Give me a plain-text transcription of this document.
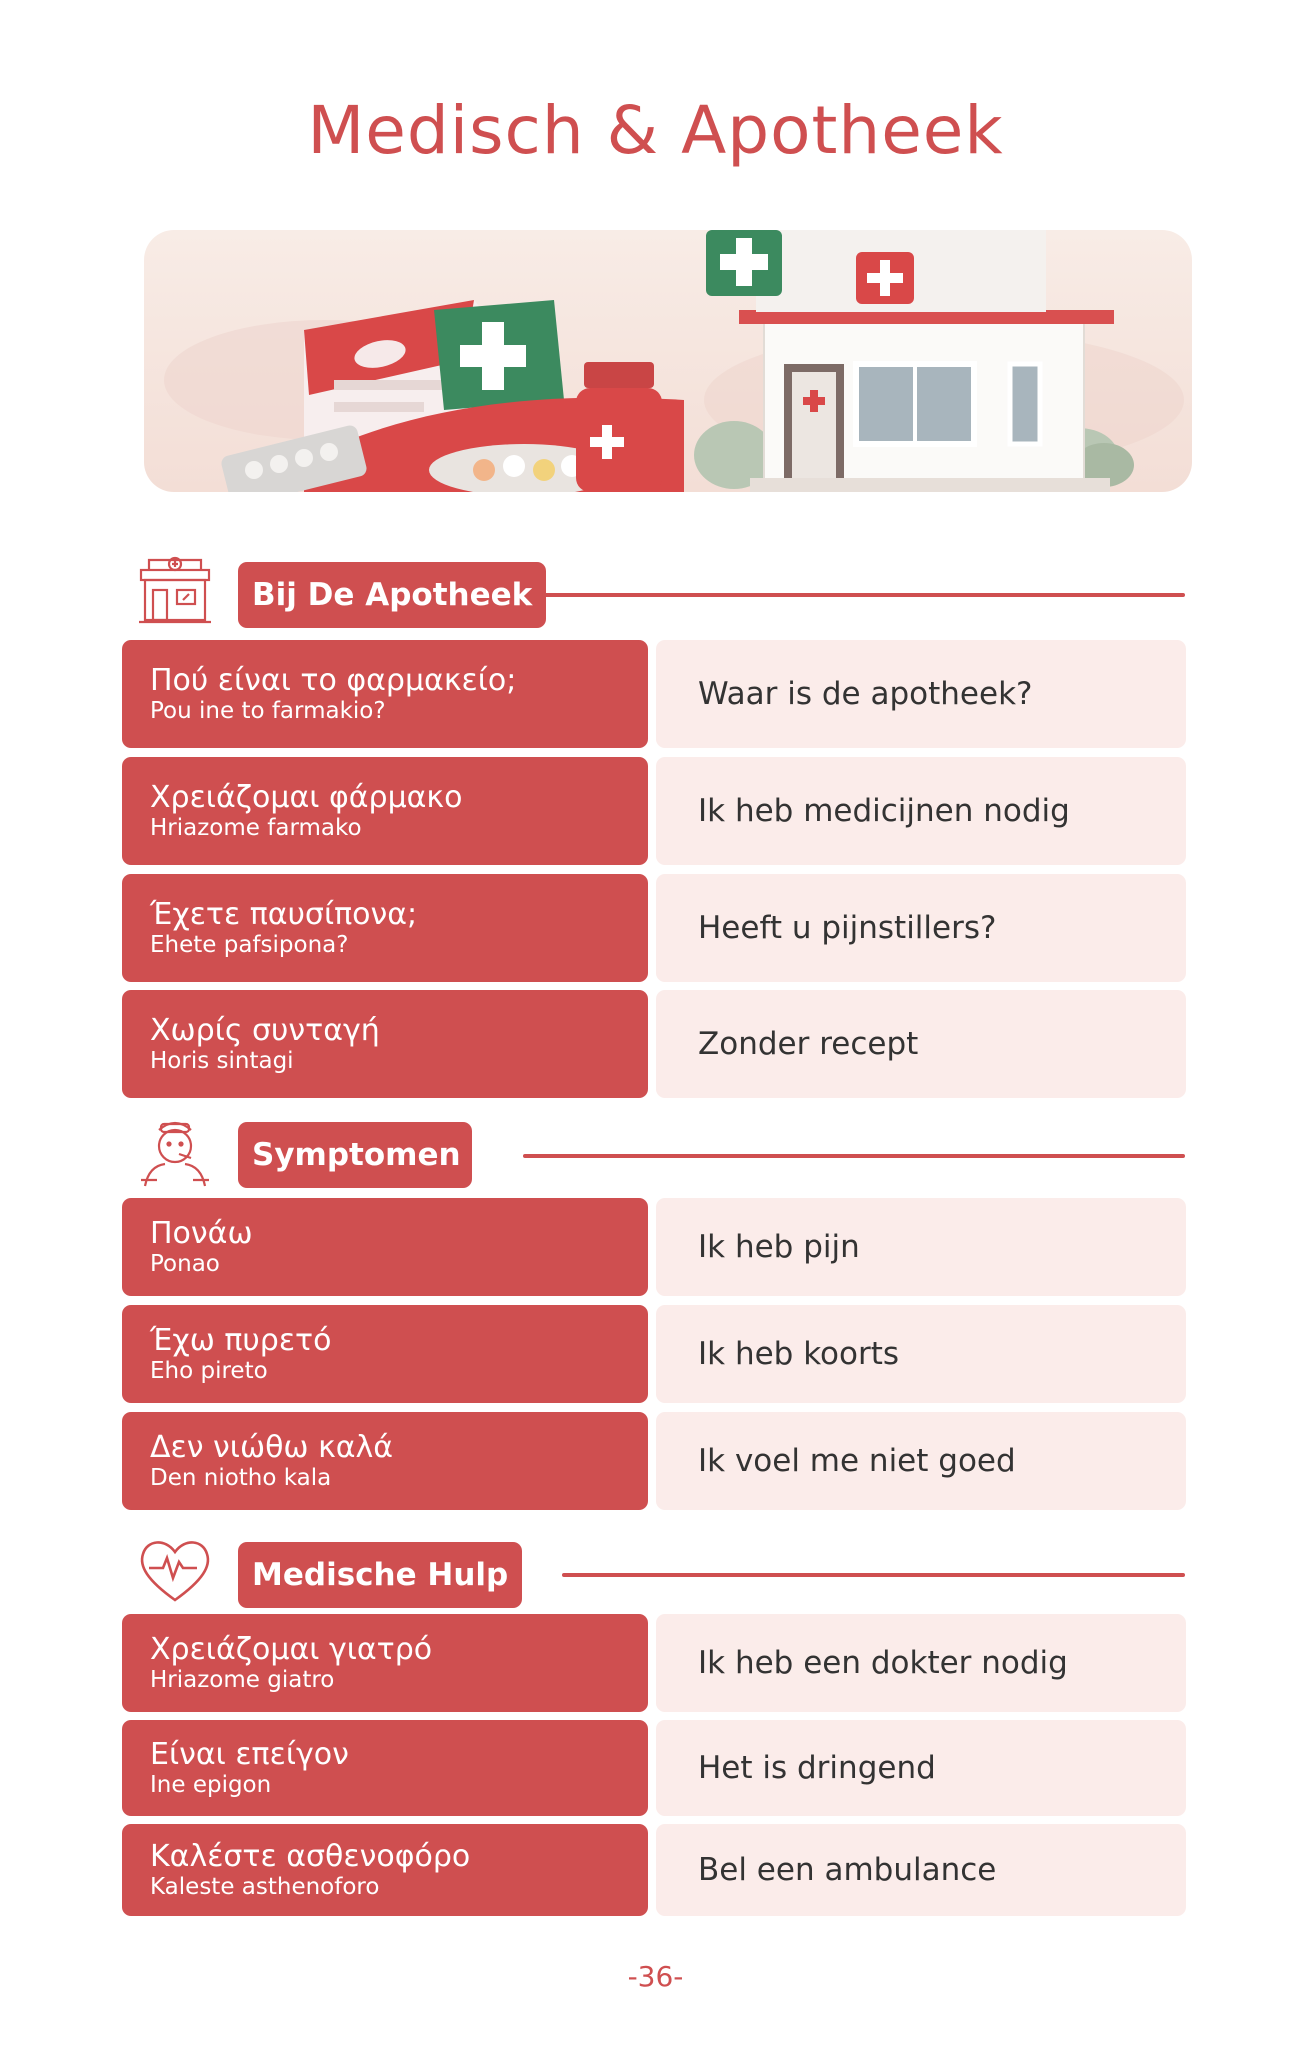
Medisch & Apotheek
Bij De Apotheek
Πού είναι το φαρμακείο;
Pou ine to farmakio?	Waar is de apotheek?
Χρειάζομαι φάρμακο
Hriazome farmako	Ik heb medicijnen nodig
Έχετε παυσίπονα;
Ehete pafsipona?	Heeft u pijnstillers?
Χωρίς συνταγή
Horis sintagi	Zonder recept
Symptomen
Πονάω
Ponao	Ik heb pijn
Έχω πυρετό
Eho pireto	Ik heb koorts
Δεν νιώθω καλά
Den niotho kala	Ik voel me niet goed
Medische Hulp
Χρειάζομαι γιατρό
Hriazome giatro	Ik heb een dokter nodig
Είναι επείγον
Ine epigon	Het is dringend
Καλέστε ασθενοφόρο
Kaleste asthenoforo	Bel een ambulance
-36-
